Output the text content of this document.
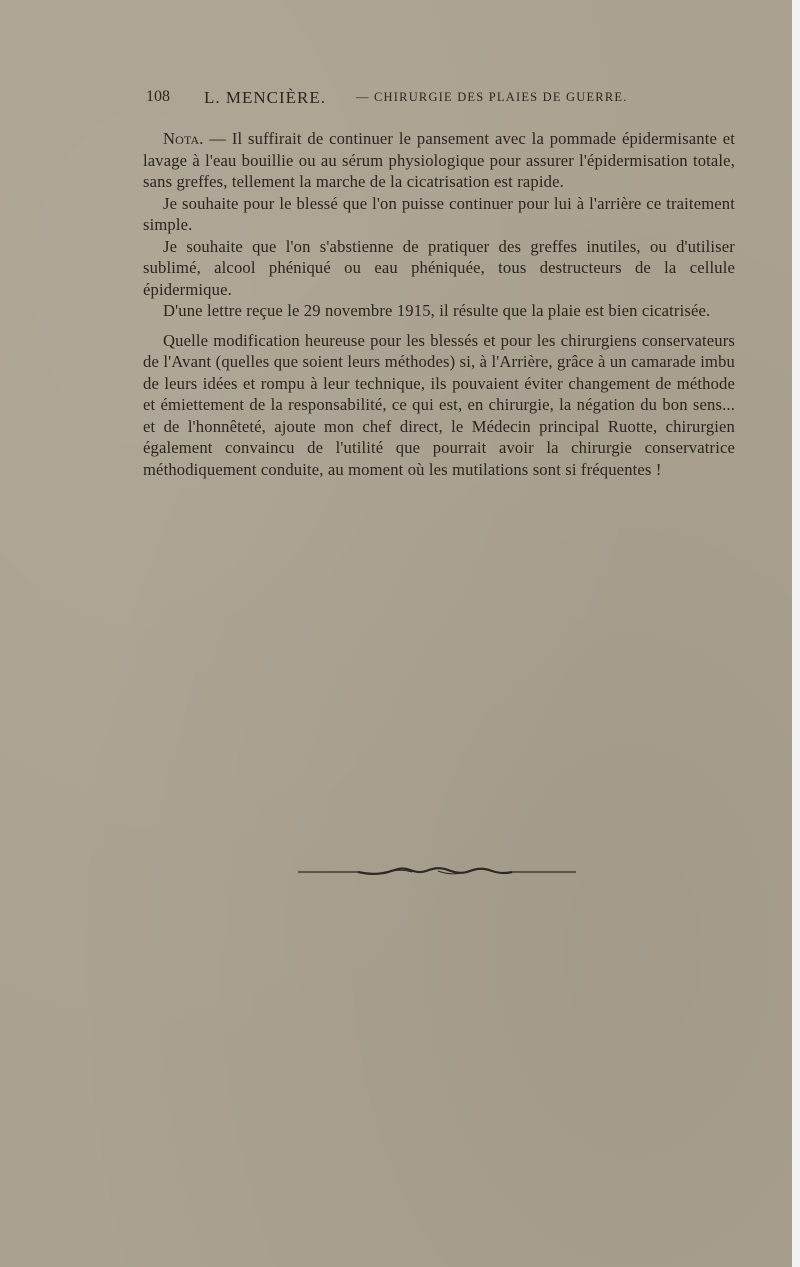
108 L. MENCIÈRE. — CHIRURGIE DES PLAIES DE GUERRE.

Nota. — Il suffirait de continuer le pansement avec la pommade épidermisante et lavage à l'eau bouillie ou au sérum physiologique pour assurer l'épidermisation totale, sans greffes, tellement la marche de la cicatrisation est rapide.

Je souhaite pour le blessé que l'on puisse continuer pour lui à l'arrière ce traitement simple.

Je souhaite que l'on s'abstienne de pratiquer des greffes inutiles, ou d'utiliser sublimé, alcool phéniqué ou eau phéniquée, tous destructeurs de la cellule épidermique.

D'une lettre reçue le 29 novembre 1915, il résulte que la plaie est bien cicatrisée.

Quelle modification heureuse pour les blessés et pour les chirurgiens conservateurs de l'Avant (quelles que soient leurs méthodes) si, à l'Arrière, grâce à un camarade imbu de leurs idées et rompu à leur technique, ils pouvaient éviter changement de méthode et émiettement de la responsabilité, ce qui est, en chirurgie, la négation du bon sens... et de l'honnêteté, ajoute mon chef direct, le Médecin principal Ruotte, chirurgien également convaincu de l'utilité que pourrait avoir la chirurgie conservatrice méthodiquement conduite, au moment où les mutilations sont si fréquentes !
